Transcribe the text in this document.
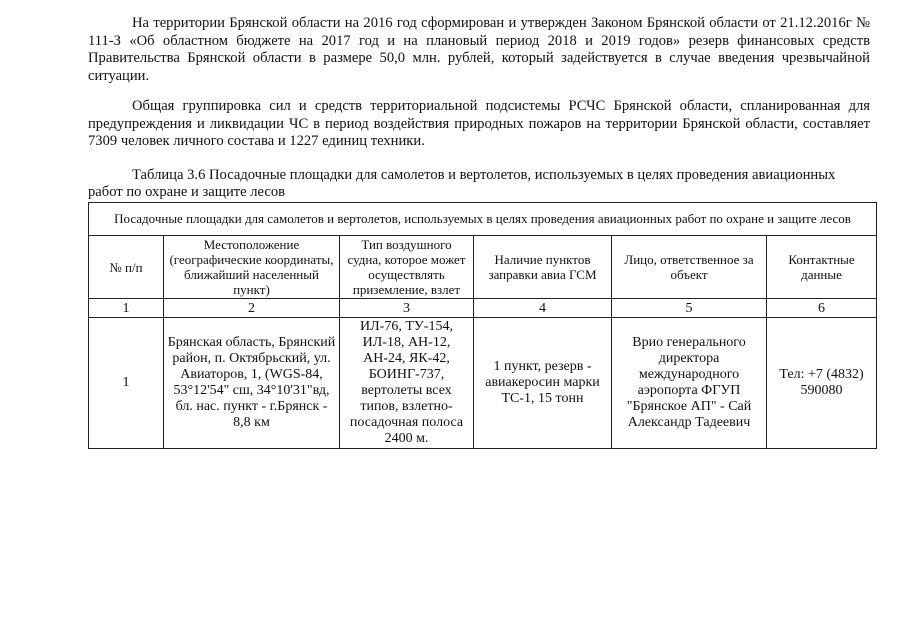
На территории Брянской области на 2016 год сформирован и утвержден Законом Брянской области от 21.12.2016г № 111-З «Об областном бюджете на 2017 год и на плановый период 2018 и 2019 годов» резерв финансовых средств Правительства Брянской области в размере 50,0 млн. рублей, который задействуется в случае введения чрезвычайной ситуации.

Общая группировка сил и средств территориальной подсистемы РСЧС Брянской области, спланированная для предупреждения и ликвидации ЧС в период воздействия природных пожаров на территории Брянской области, составляет 7309 человек личного состава и 1227 единиц техники.

Таблица 3.6 Посадочные площадки для самолетов и вертолетов, используемых в целях проведения авиационных работ по охране и защите лесов

Посадочные площадки для самолетов и вертолетов, используемых в целях проведения авиационных работ по охране и защите лесов					
№ п/п	Местоположение (географические координаты, ближайший населенный пункт)	Тип воздушного судна, которое может осуществлять приземление, взлет	Наличие пунктов заправки авиа ГСМ	Лицо, ответственное за объект	Контактные данные
1	2	3	4	5	6
1	Брянская область, Брянский район, п. Октябрьский, ул. Авиаторов, 1, (WGS-84, 53°12'54" сш, 34°10'31"вд, бл. нас. пункт - г.Брянск - 8,8 км	ИЛ-76, ТУ-154, ИЛ-18, АН-12, АН-24, ЯК-42, БОИНГ-737, вертолеты всех типов, взлетно-посадочная полоса 2400 м.	1 пункт, резерв - авиакеросин марки ТС-1, 15 тонн	Врио генерального директора международного аэропорта ФГУП "Брянское АП" - Сай Александр Тадеевич	Тел: +7 (4832) 590080
